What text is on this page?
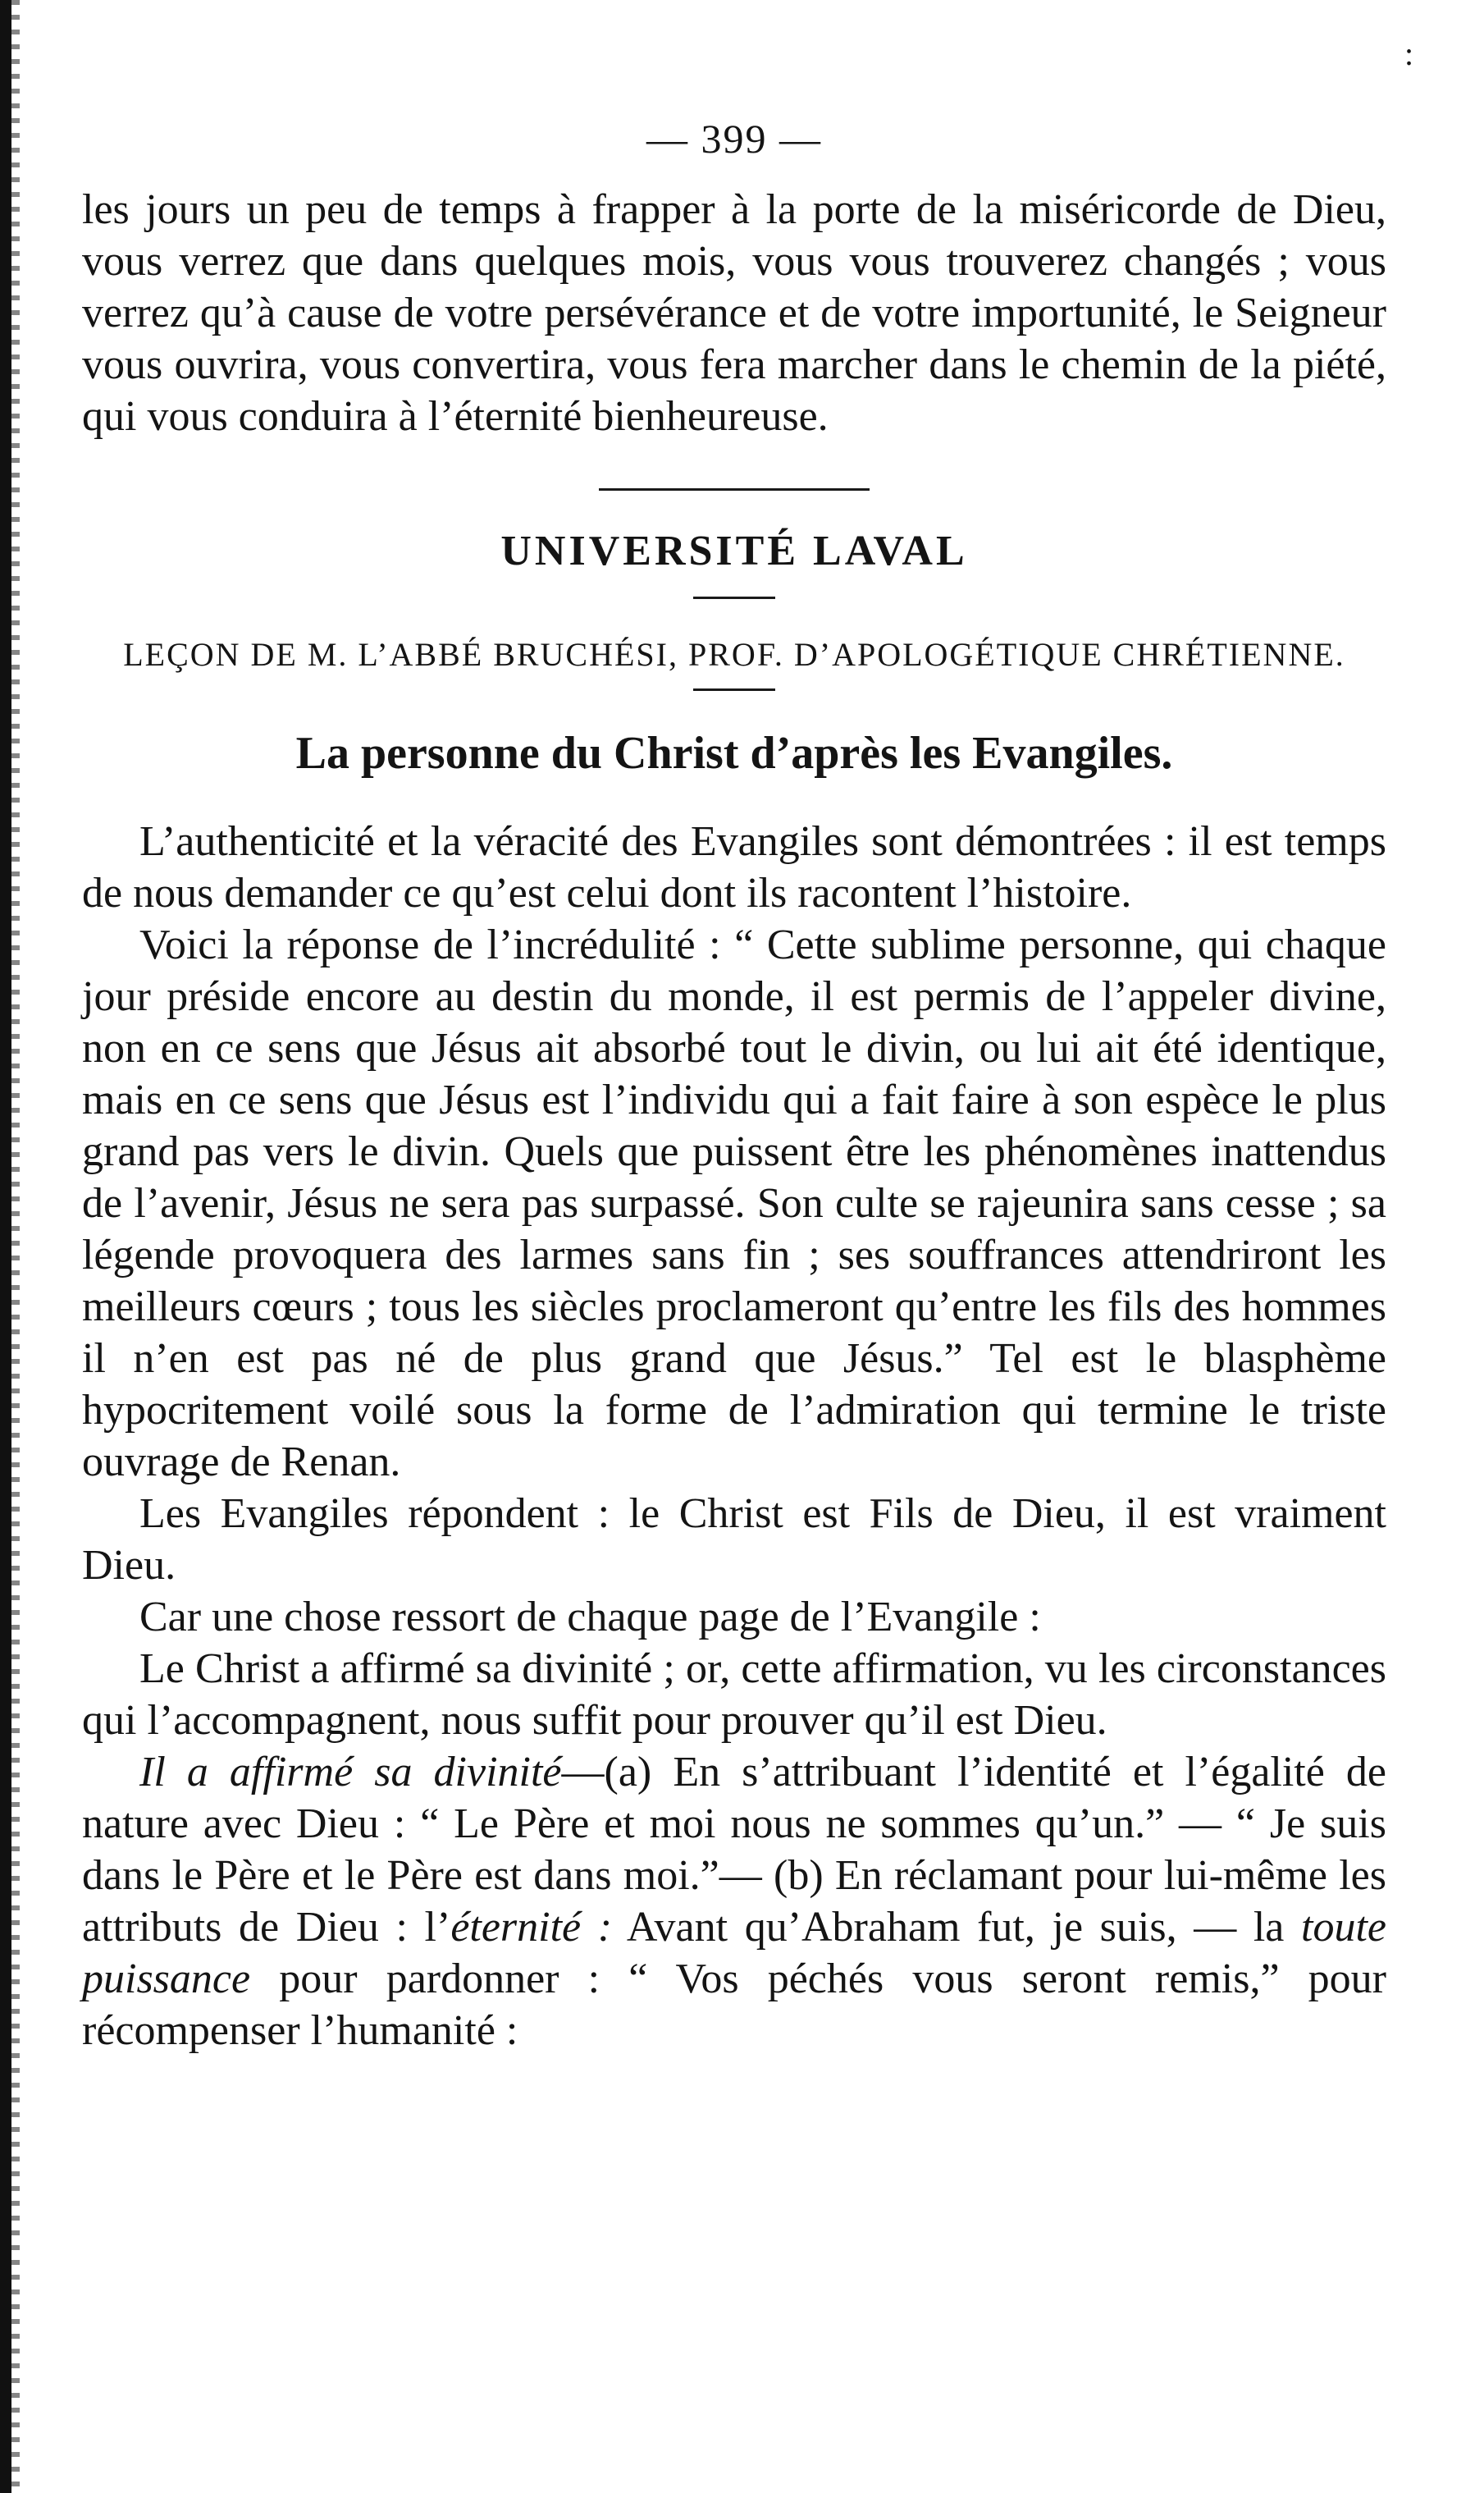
:
— 399 —

les jours un peu de temps à frapper à la porte de la miséricorde de Dieu, vous verrez que dans quelques mois, vous vous trouverez changés ; vous verrez qu’à cause de votre persévérance et de votre importunité, le Seigneur vous ouvrira, vous convertira, vous fera marcher dans le chemin de la piété, qui vous conduira à l’éternité bienheureuse.

UNIVERSITÉ LAVAL
LEÇON DE M. L’ABBÉ BRUCHÉSI, PROF. D’APOLOGÉTIQUE CHRÉTIENNE.
La personne du Christ d’après les Evangiles.

L’authenticité et la véracité des Evangiles sont démontrées : il est temps de nous demander ce qu’est celui dont ils racontent l’histoire.

Voici la réponse de l’incrédulité : “ Cette sublime personne, qui chaque jour préside encore au destin du monde, il est permis de l’appeler divine, non en ce sens que Jésus ait absorbé tout le divin, ou lui ait été identique, mais en ce sens que Jésus est l’individu qui a fait faire à son espèce le plus grand pas vers le divin. Quels que puissent être les phénomènes inattendus de l’avenir, Jésus ne sera pas surpassé. Son culte se rajeunira sans cesse ; sa légende provoquera des larmes sans fin ; ses souffrances attendriront les meilleurs cœurs ; tous les siècles proclameront qu’entre les fils des hommes il n’en est pas né de plus grand que Jésus.” Tel est le blasphème hypocritement voilé sous la forme de l’admiration qui termine le triste ouvrage de Renan.

Les Evangiles répondent : le Christ est Fils de Dieu, il est vraiment Dieu.

Car une chose ressort de chaque page de l’Evangile :

Le Christ a affirmé sa divinité ; or, cette affirmation, vu les circonstances qui l’accompagnent, nous suffit pour prouver qu’il est Dieu.

Il a affirmé sa divinité—(a) En s’attribuant l’identité et l’égalité de nature avec Dieu : “ Le Père et moi nous ne sommes qu’un.” — “ Je suis dans le Père et le Père est dans moi.”— (b) En réclamant pour lui-même les attributs de Dieu : l’éternité : Avant qu’Abraham fut, je suis, — la toute puissance pour pardonner : “ Vos péchés vous seront remis,” pour récompenser l’humanité :
